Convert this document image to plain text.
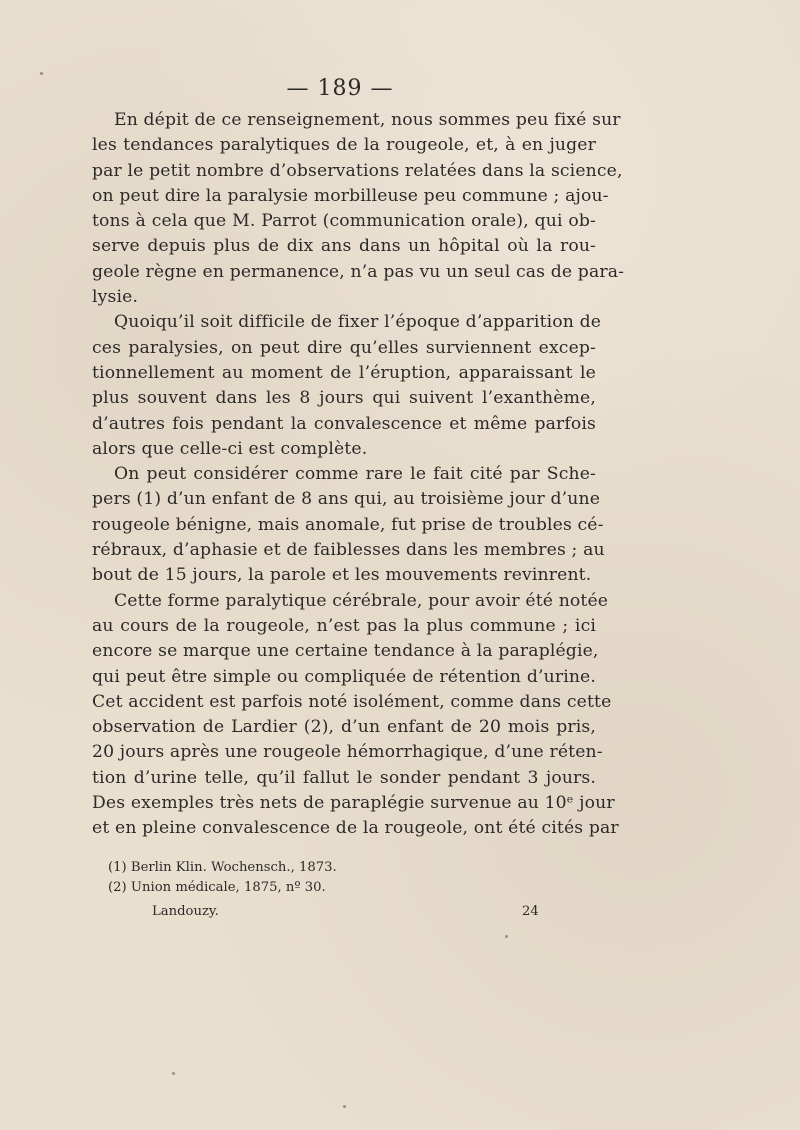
— 189 —
En dépit de ce renseignement, nous sommes peu fixé sur
les tendances paralytiques de la rougeole, et, à en juger
par le petit nombre d’observations relatées dans la science,
on peut dire la paralysie morbilleuse peu commune ; ajou-
tons à cela que M. Parrot (communication orale), qui ob-
serve depuis plus de dix ans dans un hôpital où la rou-
geole règne en permanence, n’a pas vu un seul cas de para-
lysie.
Quoiqu’il soit difficile de fixer l’époque d’apparition de
ces paralysies, on peut dire qu’elles surviennent excep-
tionnellement au moment de l’éruption, apparaissant le
plus souvent dans les 8 jours qui suivent l’exanthème,
d’autres fois pendant la convalescence et même parfois
alors que celle-ci est complète.
On peut considérer comme rare le fait cité par Sche-
pers (1) d’un enfant de 8 ans qui, au troisième jour d’une
rougeole bénigne, mais anomale, fut prise de troubles cé-
rébraux, d’aphasie et de faiblesses dans les membres ; au
bout de 15 jours, la parole et les mouvements revinrent.
Cette forme paralytique cérébrale, pour avoir été notée
au cours de la rougeole, n’est pas la plus commune ; ici
encore se marque une certaine tendance à la paraplégie,
qui peut être simple ou compliquée de rétention d’urine.
Cet accident est parfois noté isolément, comme dans cette
observation de Lardier (2), d’un enfant de 20 mois pris,
20 jours après une rougeole hémorrhagique, d’une réten-
tion d’urine telle, qu’il fallut le sonder pendant 3 jours.
Des exemples très nets de paraplégie survenue au 10ᵉ jour
et en pleine convalescence de la rougeole, ont été cités par
(1) Berlin Klin. Wochensch., 1873.
(2) Union médicale, 1875, nº 30.
Landouzy.	24
